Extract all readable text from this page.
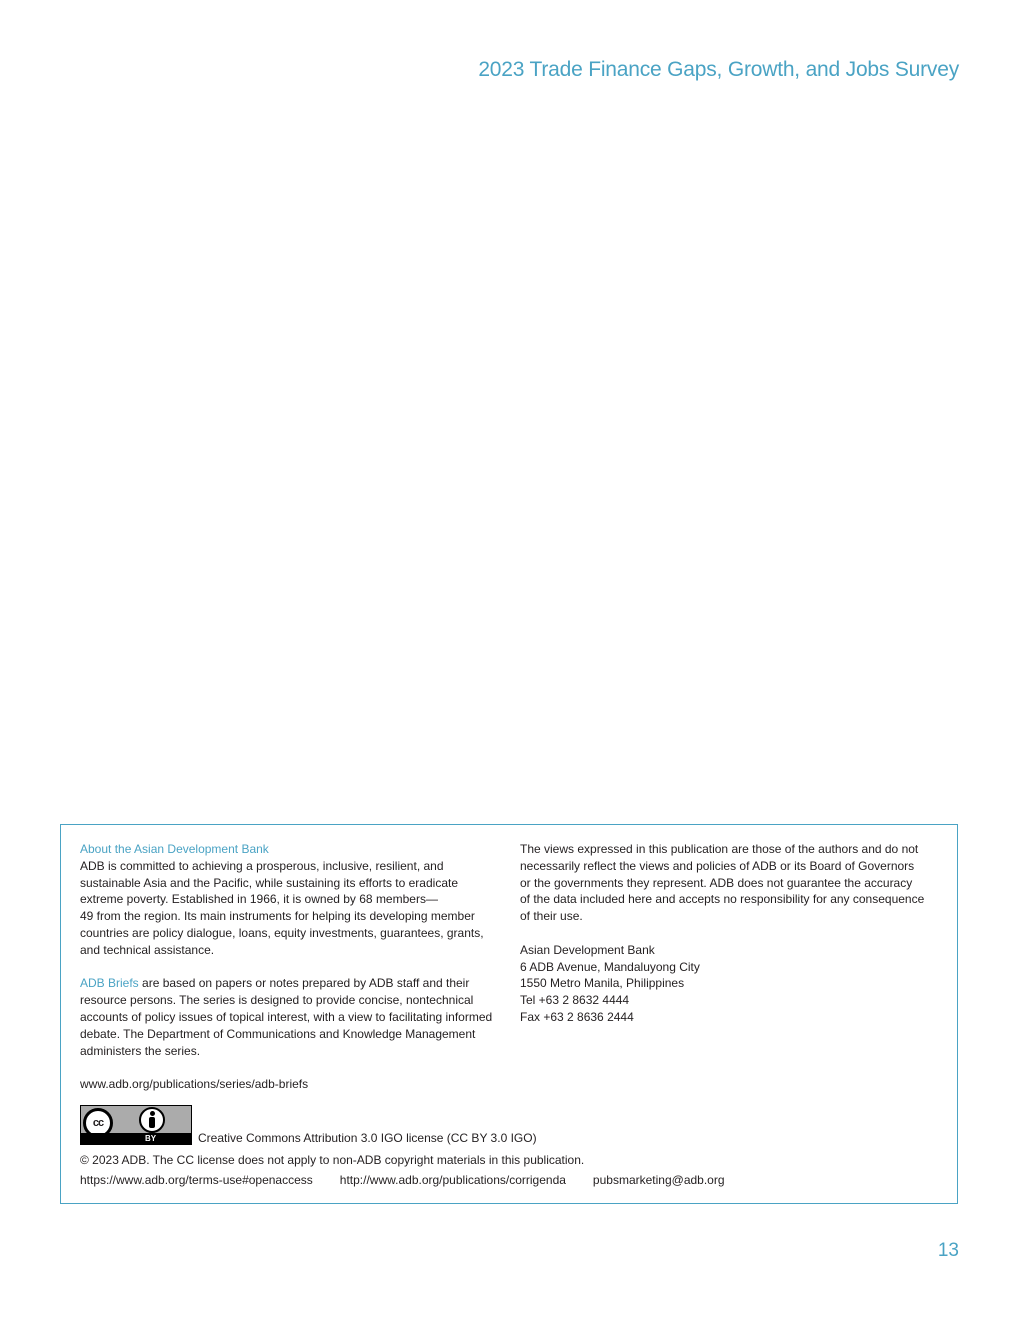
2023 Trade Finance Gaps, Growth, and Jobs Survey

About the Asian Development Bank

ADB is committed to achieving a prosperous, inclusive, resilient, and

sustainable Asia and the Pacific, while sustaining its efforts to eradicate

extreme poverty. Established in 1966, it is owned by 68 members—

49 from the region. Its main instruments for helping its developing member

countries are policy dialogue, loans, equity investments, guarantees, grants,

and technical assistance.

ADB Briefs are based on papers or notes prepared by ADB staff and their

resource persons. The series is designed to provide concise, nontechnical

accounts of policy issues of topical interest, with a view to facilitating informed

debate. The Department of Communications and Knowledge Management

administers the series.

www.adb.org/publications/series/adb-briefs

The views expressed in this publication are those of the authors and do not

necessarily reflect the views and policies of ADB or its Board of Governors

or the governments they represent. ADB does not guarantee the accuracy

of the data included here and accepts no responsibility for any consequence

of their use.

Asian Development Bank

6 ADB Avenue, Mandaluyong City

1550 Metro Manila, Philippines

Tel +63 2 8632 4444

Fax +63 2 8636 2444

cc
BY	Creative Commons Attribution 3.0 IGO license (CC BY 3.0 IGO)

© 2023 ADB. The CC license does not apply to non-ADB copyright materials in this publication.

https://www.adb.org/terms-use#openaccess http://www.adb.org/publications/corrigenda pubsmarketing@adb.org
13
